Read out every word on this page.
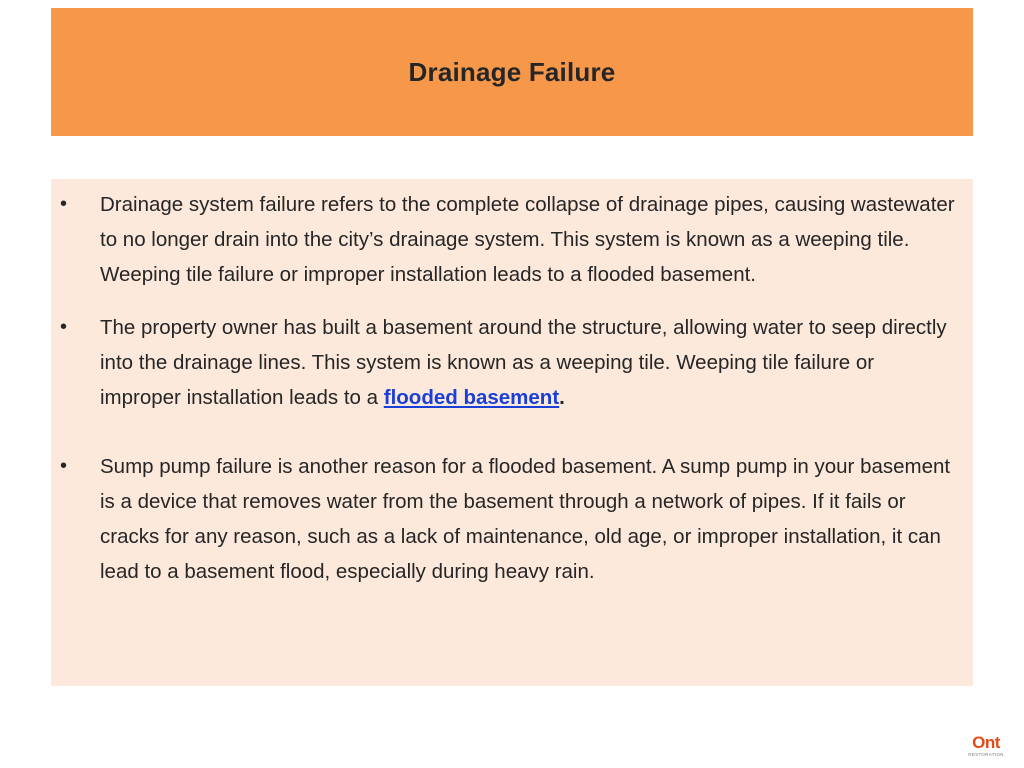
Drainage Failure
• Drainage system failure refers to the complete collapse of drainage pipes, causing wastewater to no longer drain into the city’s drainage system. This system is known as a weeping tile. Weeping tile failure or improper installation leads to a flooded basement.
• The property owner has built a basement around the structure, allowing water to seep directly into the drainage lines. This system is known as a weeping tile. Weeping tile failure or improper installation leads to a flooded basement.
• Sump pump failure is another reason for a flooded basement. A sump pump in your basement is a device that removes water from the basement through a network of pipes. If it fails or cracks for any reason, such as a lack of maintenance, old age, or improper installation, it can lead to a basement flood, especially during heavy rain.
Ont
RESTORATION
